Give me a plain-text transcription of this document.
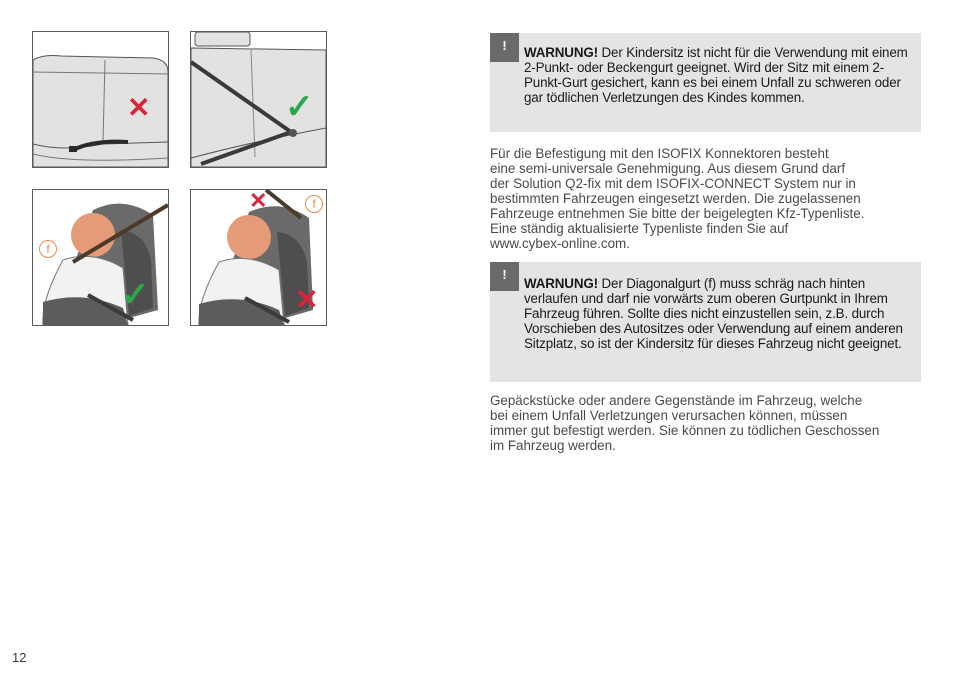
✕	✓
f
✓
✕	f
✕
!	WARNUNG! Der Kindersitz ist nicht für die Verwendung mit einem 2-Punkt- oder Beckengurt geeignet. Wird der Sitz mit einem 2-Punkt-Gurt gesichert, kann es bei einem Unfall zu schweren oder gar tödlichen Verletzungen des Kindes kommen.
Für die Befestigung mit den ISOFIX Konnektoren besteht
eine semi-universale Genehmigung. Aus diesem Grund darf
der Solution Q2-fix mit dem ISOFIX-CONNECT System nur in
bestimmten Fahrzeugen eingesetzt werden. Die zugelassenen
Fahrzeuge entnehmen Sie bitte der beigelegten Kfz-Typenliste.
Eine ständig aktualisierte Typenliste finden Sie auf
www.cybex-online.com.
!
WARNUNG! Der Diagonalgurt (f) muss schräg nach hinten verlaufen und darf nie vorwärts zum oberen Gurtpunkt in Ihrem Fahrzeug führen. Sollte dies nicht einzustellen sein, z.B. durch Vorschieben des Autositzes oder Verwendung auf einem anderen Sitzplatz, so ist der Kindersitz für dieses Fahrzeug nicht geeignet.
Gepäckstücke oder andere Gegenstände im Fahrzeug, welche
bei einem Unfall Verletzungen verursachen können, müssen
immer gut befestigt werden. Sie können zu tödlichen Geschossen
im Fahrzeug werden.
12
